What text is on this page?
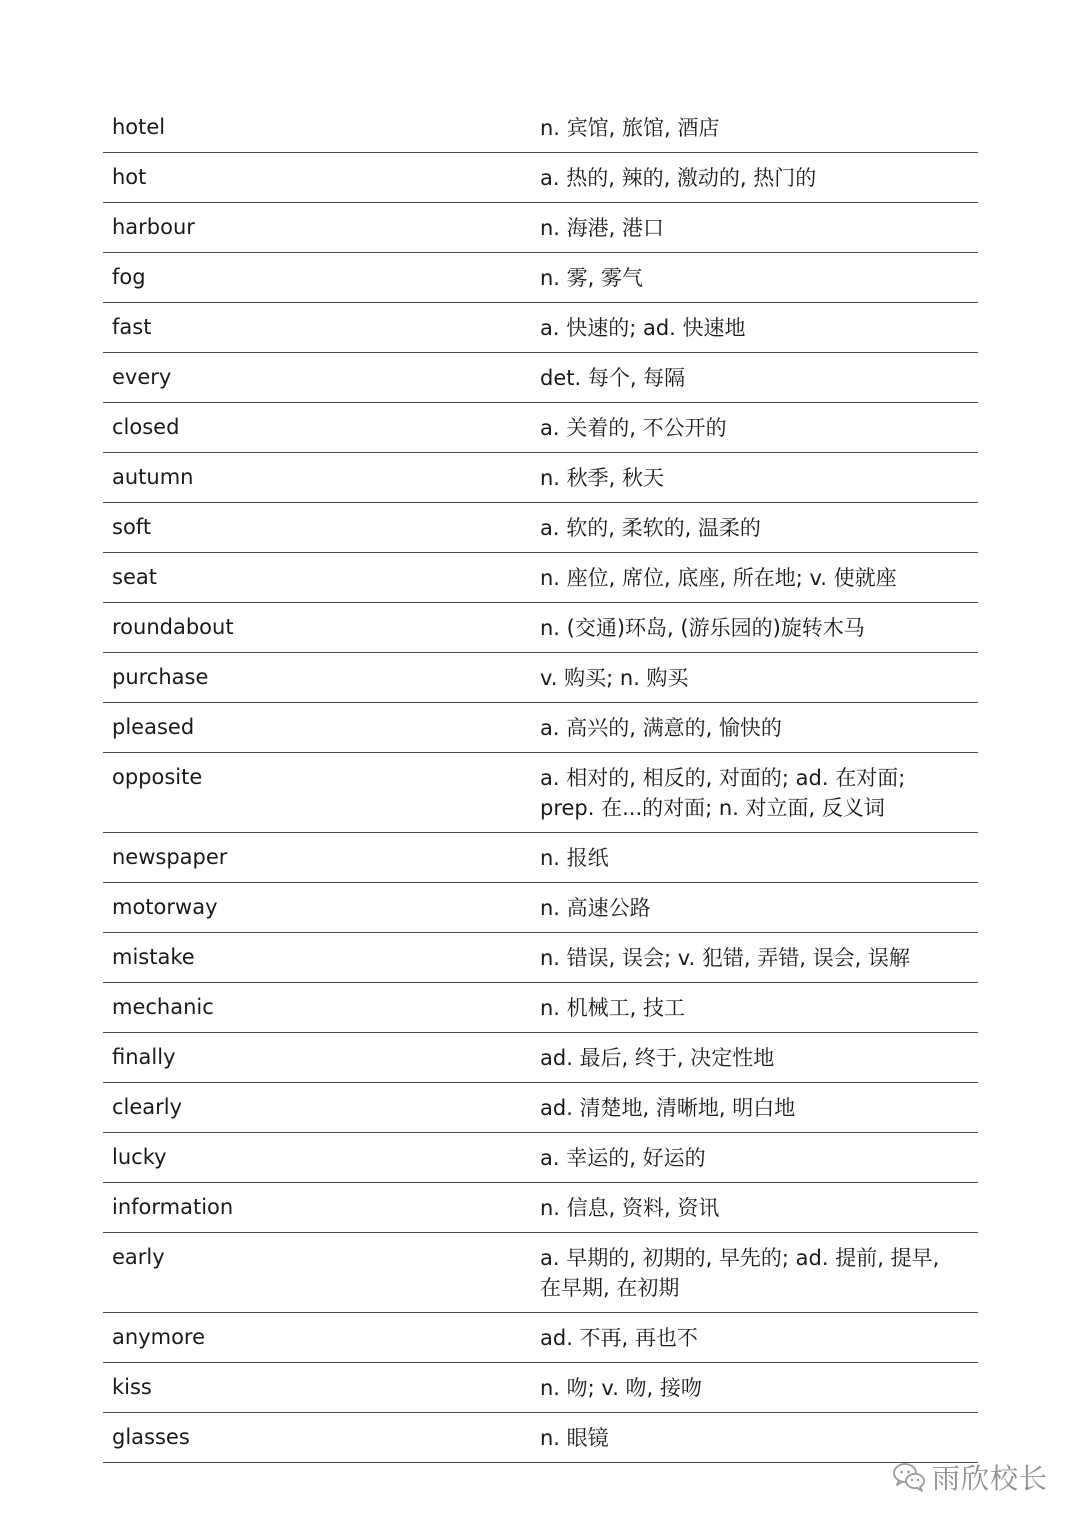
hotel	n. 宾馆, 旅馆, 酒店
hot	a. 热的, 辣的, 激动的, 热门的
harbour	n. 海港, 港口
fog	n. 雾, 雾气
fast	a. 快速的; ad. 快速地
every	det. 每个, 每隔
closed	a. 关着的, 不公开的
autumn	n. 秋季, 秋天
soft	a. 软的, 柔软的, 温柔的
seat	n. 座位, 席位, 底座, 所在地; v. 使就座
roundabout	n. (交通)环岛, (游乐园的)旋转木马
purchase	v. 购买; n. 购买
pleased	a. 高兴的, 满意的, 愉快的
opposite	a. 相对的, 相反的, 对面的; ad. 在对面; prep. 在...的对面; n. 对立面, 反义词
newspaper	n. 报纸
motorway	n. 高速公路
mistake	n. 错误, 误会; v. 犯错, 弄错, 误会, 误解
mechanic	n. 机械工, 技工
finally	ad. 最后, 终于, 决定性地
clearly	ad. 清楚地, 清晰地, 明白地
lucky	a. 幸运的, 好运的
information	n. 信息, 资料, 资讯
early	a. 早期的, 初期的, 早先的; ad. 提前, 提早, 在早期, 在初期
anymore	ad. 不再, 再也不
kiss	n. 吻; v. 吻, 接吻
glasses	n. 眼镜
雨欣校长
